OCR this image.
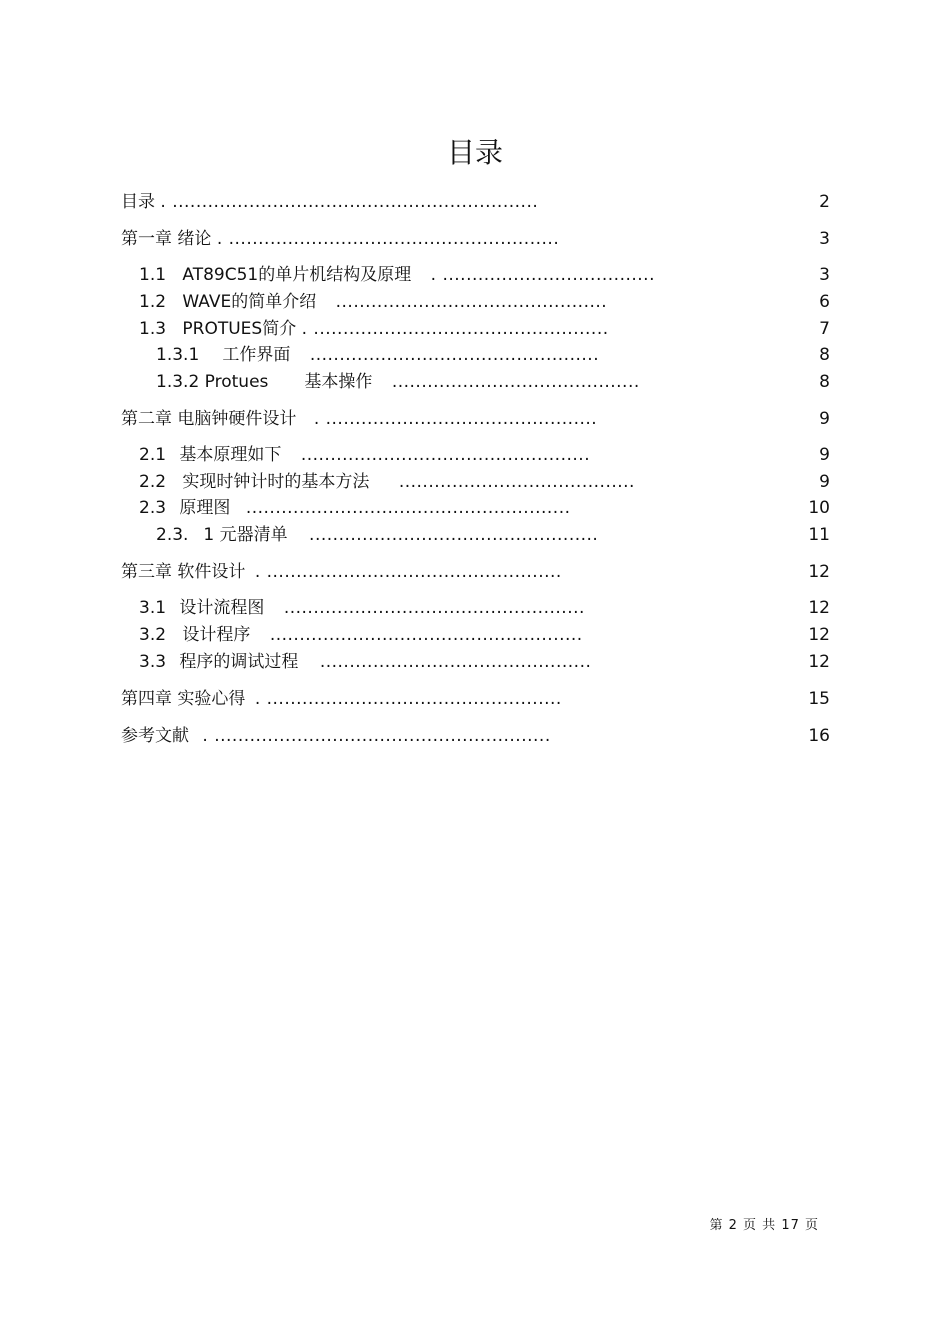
目录
目录 . ..............................................................	2
第一章 绪论 . ........................................................	3
1.1 AT89C51的单片机结构及原理 . ....................................	3
1.2 WAVE的简单介绍 ..............................................	6
1.3 PROTUES简介 . ..................................................	7
1.3.1 工作界面 .................................................	8
1.3.2 Protues 基本操作 ..........................................	8
第二章 电脑钟硬件设计 . ..............................................	9
2.1 基本原理如下 .................................................	9
2.2 实现时钟计时的基本方法 ........................................	9
2.3 原理图 .......................................................	10
2.3. 1 元器清单 .................................................	11
第三章 软件设计 . ..................................................	12
3.1 设计流程图 ...................................................	12
3.2 设计程序 .....................................................	12
3.3 程序的调试过程 ..............................................	12
第四章 实验心得 . ..................................................	15
参考文献 . .........................................................	16
第 2 页 共 17 页
